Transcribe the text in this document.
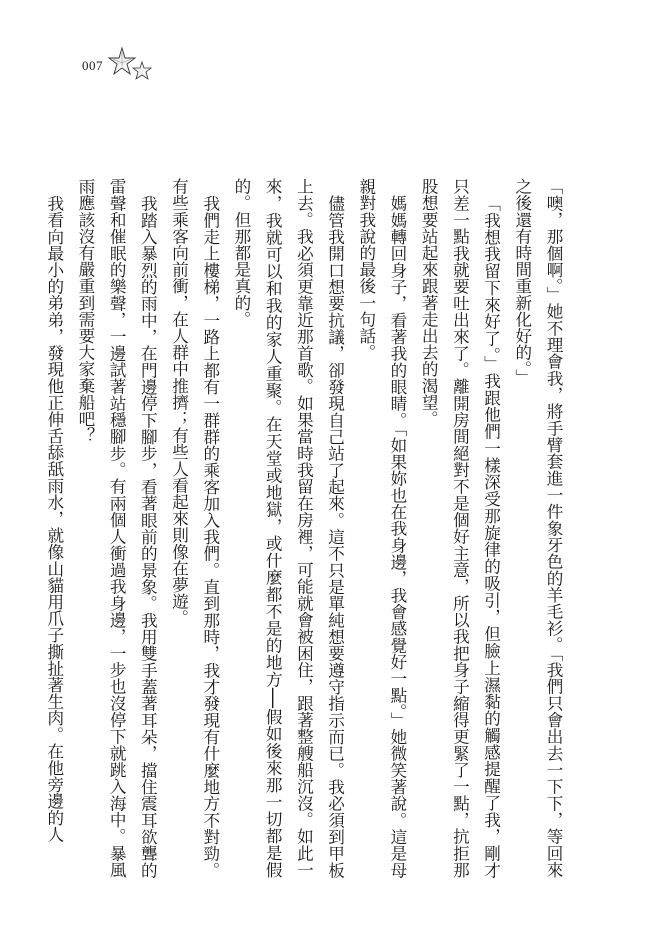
007

「噢，那個啊。」她不理會我，將手臂套進一件象牙色的羊毛衫。「我們只會出去一下下，等回來之後還有時間重新化好的。」

「我想我留下來好了。」我跟他們一樣深受那旋律的吸引，但臉上濕黏的觸感提醒了我，剛才只差一點我就要吐出來了。離開房間絕對不是個好主意，所以我把身子縮得更緊了一點，抗拒那股想要站起來跟著走出去的渴望。

媽媽轉回身子，看著我的眼睛。「如果妳也在我身邊，我會感覺好一點。」她微笑著說。這是母親對我說的最後一句話。

儘管我開口想要抗議，卻發現自己站了起來。這不只是單純想要遵守指示而已。我必須到甲板上去。我必須更靠近那首歌。如果當時我留在房裡，可能就會被困住，跟著整艘船沉沒。如此一來，我就可以和我的家人重聚。在天堂或地獄，或什麼都不是的地方──假如後來那一切都是假的。但那都是真的。

我們走上樓梯，一路上都有一群群的乘客加入我們。直到那時，我才發現有什麼地方不對勁。有些乘客向前衝，在人群中推擠；有些人看起來則像在夢遊。

我踏入暴烈的雨中，在門邊停下腳步，看著眼前的景象。我用雙手蓋著耳朵，擋住震耳欲聾的雷聲和催眠的樂聲，一邊試著站穩腳步。有兩個人衝過我身邊，一步也沒停下就跳入海中。暴風雨應該沒有嚴重到需要大家棄船吧？

我看向最小的弟弟，發現他正伸舌舔舐雨水，就像山貓用爪子撕扯著生肉。在他旁邊的人
